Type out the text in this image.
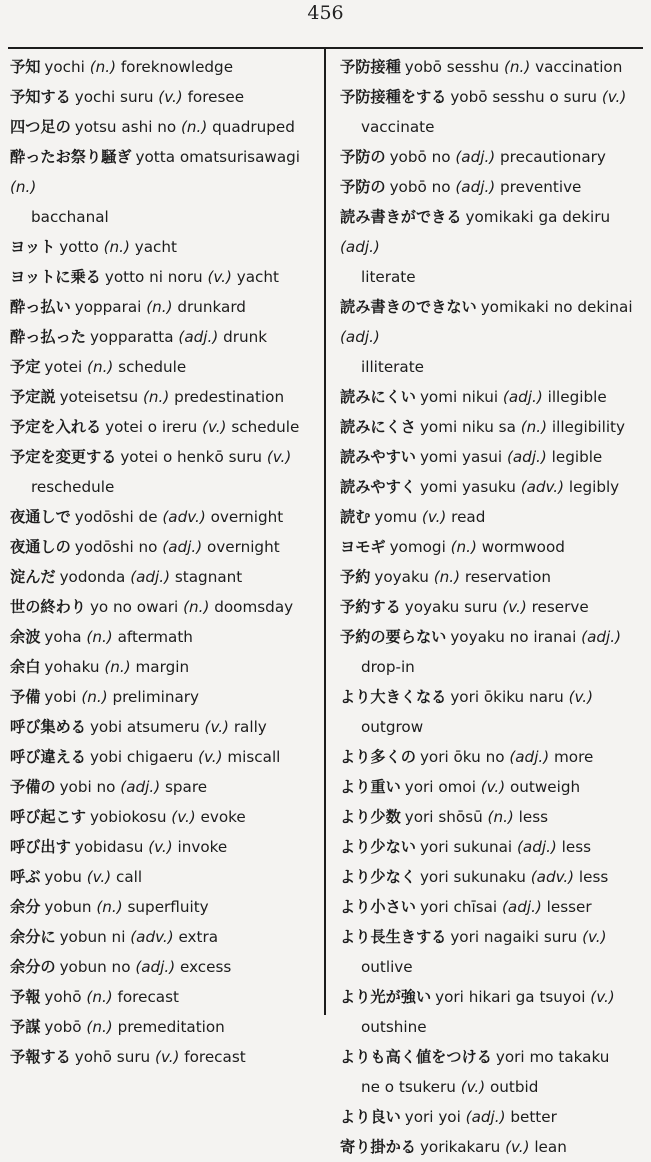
456
予知 yochi (n.) foreknowledge
予知する yochi suru (v.) foresee
四つ足の yotsu ashi no (n.) quadruped
酔ったお祭り騒ぎ yotta omatsurisawagi (n.)
bacchanal
ヨット yotto (n.) yacht
ヨットに乗る yotto ni noru (v.) yacht
酔っ払い yopparai (n.) drunkard
酔っ払った yopparatta (adj.) drunk
予定 yotei (n.) schedule
予定説 yoteisetsu (n.) predestination
予定を入れる yotei o ireru (v.) schedule
予定を変更する yotei o henkō suru (v.)
reschedule
夜通しで yodōshi de (adv.) overnight
夜通しの yodōshi no (adj.) overnight
淀んだ yodonda (adj.) stagnant
世の終わり yo no owari (n.) doomsday
余波 yoha (n.) aftermath
余白 yohaku (n.) margin
予備 yobi (n.) preliminary
呼び集める yobi atsumeru (v.) rally
呼び違える yobi chigaeru (v.) miscall
予備の yobi no (adj.) spare
呼び起こす yobiokosu (v.) evoke
呼び出す yobidasu (v.) invoke
呼ぶ yobu (v.) call
余分 yobun (n.) superfluity
余分に yobun ni (adv.) extra
余分の yobun no (adj.) excess
予報 yohō (n.) forecast
予謀 yobō (n.) premeditation
予報する yohō suru (v.) forecast
予防接種 yobō sesshu (n.) vaccination
予防接種をする yobō sesshu o suru (v.)
vaccinate
予防の yobō no (adj.) precautionary
予防の yobō no (adj.) preventive
読み書きができる yomikaki ga dekiru (adj.)
literate
読み書きのできない yomikaki no dekinai (adj.)
illiterate
読みにくい yomi nikui (adj.) illegible
読みにくさ yomi niku sa (n.) illegibility
読みやすい yomi yasui (adj.) legible
読みやすく yomi yasuku (adv.) legibly
読む yomu (v.) read
ヨモギ yomogi (n.) wormwood
予約 yoyaku (n.) reservation
予約する yoyaku suru (v.) reserve
予約の要らない yoyaku no iranai (adj.)
drop-in
より大きくなる yori ōkiku naru (v.)
outgrow
より多くの yori ōku no (adj.) more
より重い yori omoi (v.) outweigh
より少数 yori shōsū (n.) less
より少ない yori sukunai (adj.) less
より少なく yori sukunaku (adv.) less
より小さい yori chīsai (adj.) lesser
より長生きする yori nagaiki suru (v.)
outlive
より光が強い yori hikari ga tsuyoi (v.)
outshine
よりも高く値をつける yori mo takaku
ne o tsukeru (v.) outbid
より良い yori yoi (adj.) better
寄り掛かる yorikakaru (v.) lean
